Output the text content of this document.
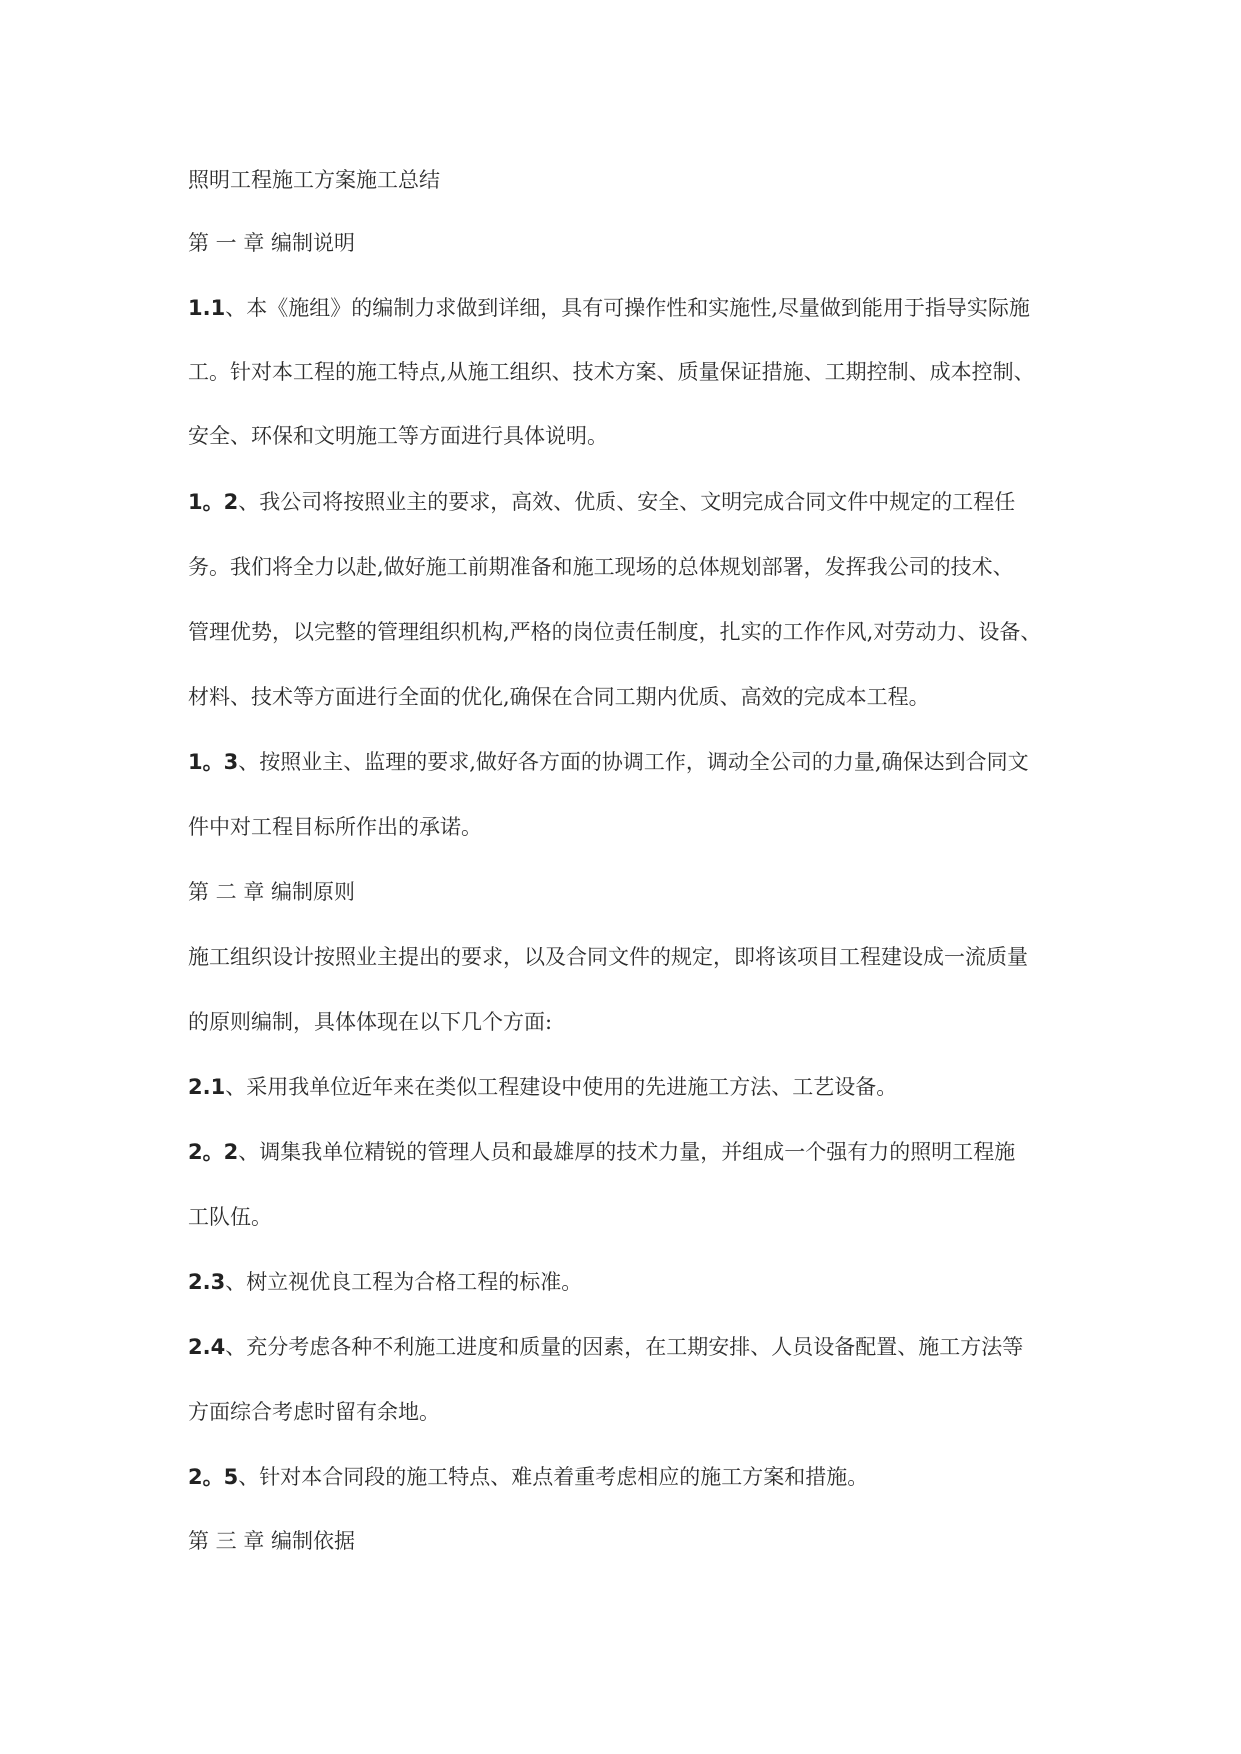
照明工程施工方案施工总结

第 一 章 编制说明

1.1、本《施组》的编制力求做到详细，具有可操作性和实施性,尽量做到能用于指导实际施

工。针对本工程的施工特点,从施工组织、技术方案、质量保证措施、工期控制、成本控制、

安全、环保和文明施工等方面进行具体说明。

1。2、我公司将按照业主的要求，高效、优质、安全、文明完成合同文件中规定的工程任

务。我们将全力以赴,做好施工前期准备和施工现场的总体规划部署，发挥我公司的技术、

管理优势，以完整的管理组织机构,严格的岗位责任制度，扎实的工作作风,对劳动力、设备、

材料、技术等方面进行全面的优化,确保在合同工期内优质、高效的完成本工程。

1。3、按照业主、监理的要求,做好各方面的协调工作，调动全公司的力量,确保达到合同文

件中对工程目标所作出的承诺。

第 二 章 编制原则

施工组织设计按照业主提出的要求，以及合同文件的规定，即将该项目工程建设成一流质量

的原则编制，具体体现在以下几个方面:

2.1、采用我单位近年来在类似工程建设中使用的先进施工方法、工艺设备。

2。2、调集我单位精锐的管理人员和最雄厚的技术力量，并组成一个强有力的照明工程施

工队伍。

2.3、树立视优良工程为合格工程的标准。

2.4、充分考虑各种不利施工进度和质量的因素，在工期安排、人员设备配置、施工方法等

方面综合考虑时留有余地。

2。5、针对本合同段的施工特点、难点着重考虑相应的施工方案和措施。

第 三 章 编制依据
